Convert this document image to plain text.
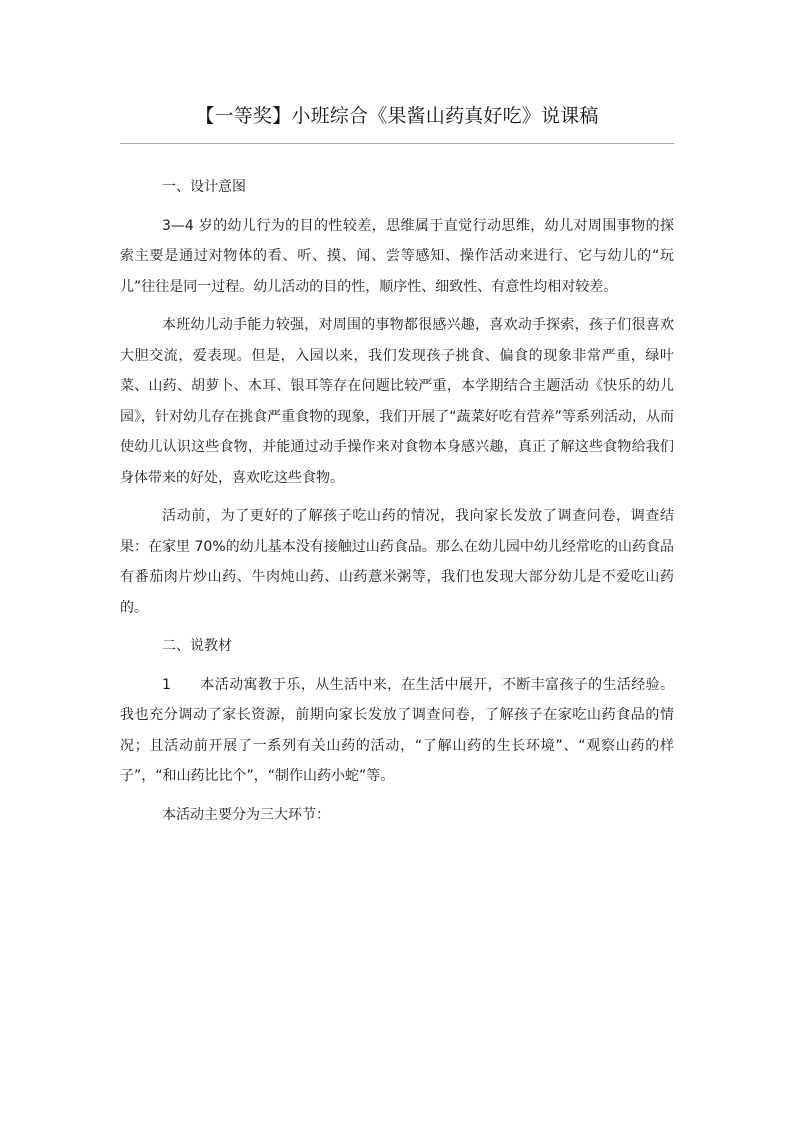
【一等奖】小班综合《果酱山药真好吃》说课稿

一、设计意图

3—4 岁的幼儿行为的目的性较差，思维属于直觉行动思维，幼儿对周围事物的探索主要是通过对物体的看、听、摸、闻、尝等感知、操作活动来进行、它与幼儿的“玩儿”往往是同一过程。幼儿活动的目的性，顺序性、细致性、有意性均相对较差。

本班幼儿动手能力较强，对周围的事物都很感兴趣，喜欢动手探索，孩子们很喜欢大胆交流，爱表现。但是，入园以来，我们发现孩子挑食、偏食的现象非常严重，绿叶菜、山药、胡萝卜、木耳、银耳等存在问题比较严重，本学期结合主题活动《快乐的幼儿园》，针对幼儿存在挑食严重食物的现象，我们开展了“蔬菜好吃有营养”等系列活动，从而使幼儿认识这些食物，并能通过动手操作来对食物本身感兴趣，真正了解这些食物给我们身体带来的好处，喜欢吃这些食物。

活动前，为了更好的了解孩子吃山药的情况，我向家长发放了调查问卷，调查结果：在家里 70%的幼儿基本没有接触过山药食品。那么在幼儿园中幼儿经常吃的山药食品有番茄肉片炒山药、牛肉炖山药、山药薏米粥等，我们也发现大部分幼儿是不爱吃山药的。

二、说教材

1 本活动寓教于乐，从生活中来，在生活中展开，不断丰富孩子的生活经验。我也充分调动了家长资源，前期向家长发放了调查问卷，了解孩子在家吃山药食品的情况；且活动前开展了一系列有关山药的活动，“了解山药的生长环境”、“观察山药的样子”，“和山药比比个”，“制作山药小蛇”等。

本活动主要分为三大环节：
